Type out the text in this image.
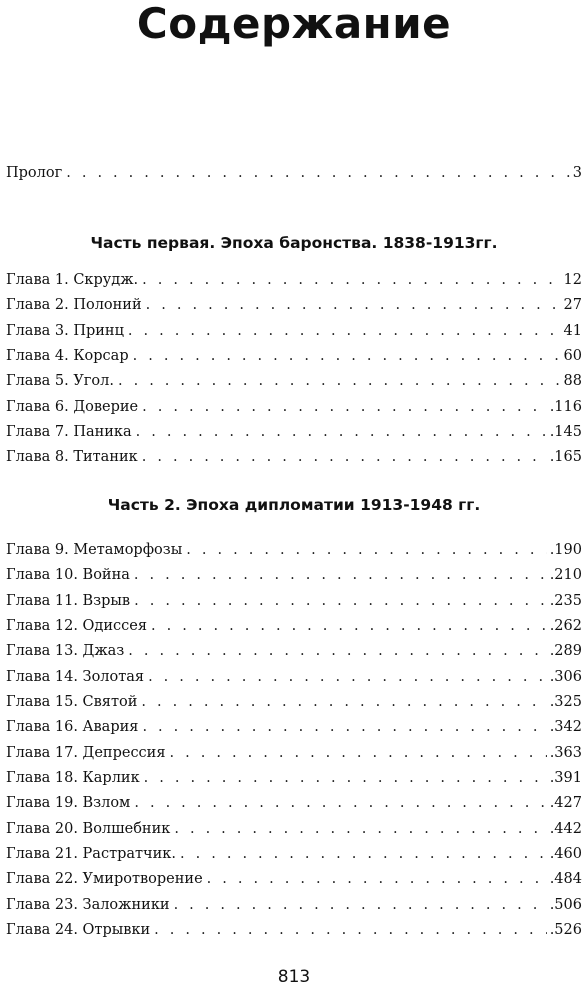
Содержание
Пролог . . .	3
Часть первая. Эпоха баронства. 1838-1913гг.
Глава 1. Скрудж. . . .	12
Глава 2. Полоний . . .	27
Глава 3. Принц . . .	41
Глава 4. Корсар . . .	60
Глава 5. Угол. . . .	88
Глава 6. Доверие . . .	.116
Глава 7. Паника . . .	.145
Глава 8. Титаник . . .	.165
Часть 2. Эпоха дипломатии 1913-1948 гг.
Глава 9. Метаморфозы . . .	.190
Глава 10. Война . . .	.210
Глава 11. Взрыв . . .	.235
Глава 12. Одиссея . . .	.262
Глава 13. Джаз . . .	.289
Глава 14. Золотая . . .	.306
Глава 15. Святой . . .	.325
Глава 16. Авария . . .	.342
Глава 17. Депрессия . . .	.363
Глава 18. Карлик . . .	.391
Глава 19. Взлом . . .	.427
Глава 20. Волшебник . . .	.442
Глава 21. Растратчик. . . .	.460
Глава 22. Умиротворение . . .	.484
Глава 23. Заложники . . .	.506
Глава 24. Отрывки . . .	.526
813
